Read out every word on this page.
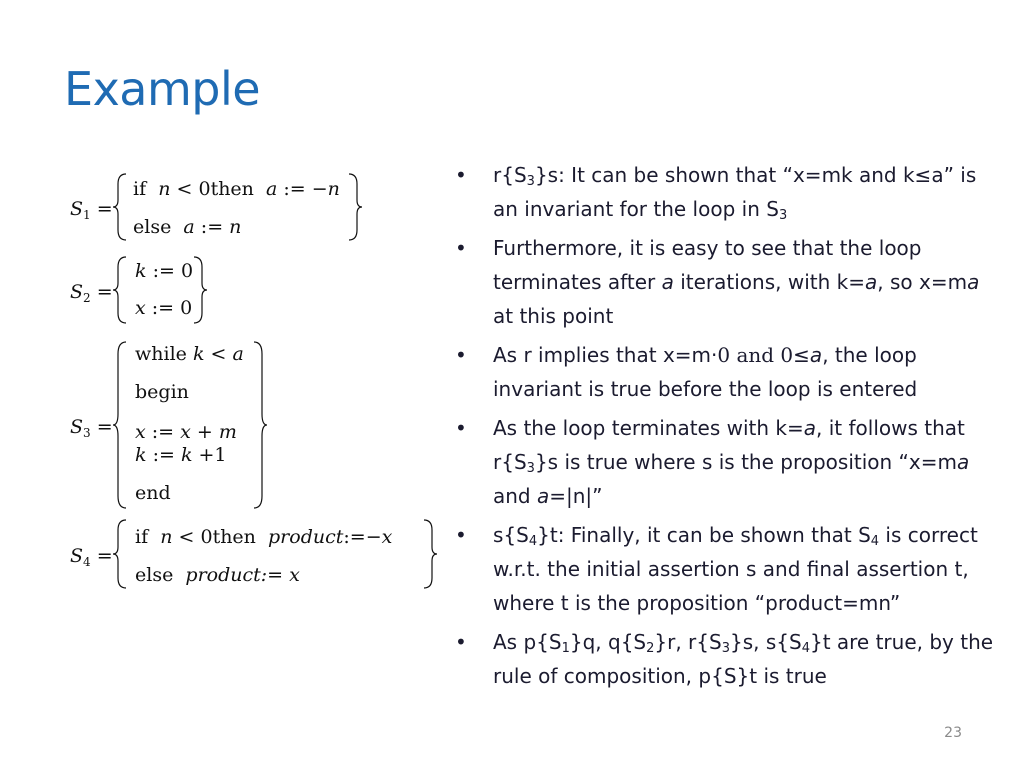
Example
$S_1$ =
if n < 0then a := −n
else a := n
$S_2$ =
k := 0
x := 0
$S_3$ =
while k < a
begin
x := x + m
k := k +1
end
$S_4$ =
if n < 0then product:=−x
else product:= x
• $r\{S_3\}s$: It can be shown that “x=mk and k≤a” is an invariant for the loop in $S_3$
• Furthermore, it is easy to see that the loop terminates after a iterations, with k=a, so x=ma at this point
• As r implies that x=m·0 and 0≤a, the loop invariant is true before the loop is entered
• As the loop terminates with k=a, it follows that $r\{S_3\}s$ is true where s is the proposition “x=ma and a=|n|”
• $s\{S_4\}t$: Finally, it can be shown that $S_4$ is correct w.r.t. the initial assertion s and final assertion t, where t is the proposition “product=mn”
• As $p\{S_1\}q$, $q\{S_2\}r$, $r\{S_3\}s$, $s\{S_4\}t$ are true, by the rule of composition, p{S}t is true
23
